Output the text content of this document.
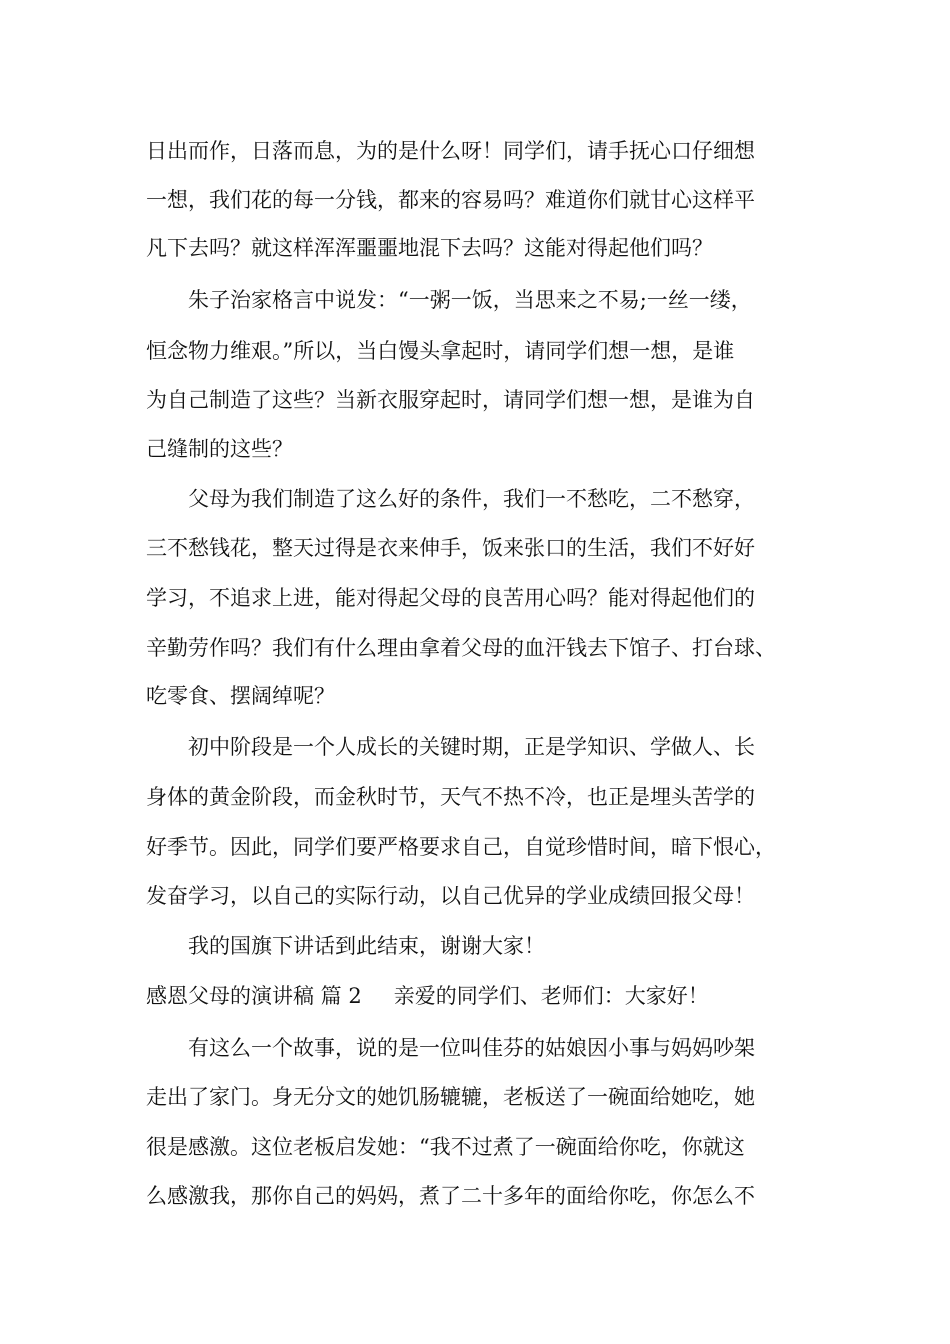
日出而作，日落而息，为的是什么呀！同学们，请手抚心口仔细想

一想，我们花的每一分钱，都来的容易吗？难道你们就甘心这样平

凡下去吗？就这样浑浑噩噩地混下去吗？这能对得起他们吗？

朱子治家格言中说发：“一粥一饭，当思来之不易;一丝一缕，

恒念物力维艰。”所以，当白馒头拿起时，请同学们想一想，是谁

为自己制造了这些？当新衣服穿起时，请同学们想一想，是谁为自

己缝制的这些？

父母为我们制造了这么好的条件，我们一不愁吃，二不愁穿，

三不愁钱花，整天过得是衣来伸手，饭来张口的生活，我们不好好

学习，不追求上进，能对得起父母的良苦用心吗？能对得起他们的

辛勤劳作吗？我们有什么理由拿着父母的血汗钱去下馆子、打台球、

吃零食、摆阔绰呢？

初中阶段是一个人成长的关键时期，正是学知识、学做人、长

身体的黄金阶段，而金秋时节，天气不热不冷，也正是埋头苦学的

好季节。因此，同学们要严格要求自己，自觉珍惜时间，暗下恨心，

发奋学习，以自己的实际行动，以自己优异的学业成绩回报父母！

我的国旗下讲话到此结束，谢谢大家！

感恩父母的演讲稿 篇 2 亲爱的同学们、老师们：大家好！

有这么一个故事，说的是一位叫佳芬的姑娘因小事与妈妈吵架

走出了家门。身无分文的她饥肠辘辘，老板送了一碗面给她吃，她

很是感激。这位老板启发她：“我不过煮了一碗面给你吃，你就这

么感激我，那你自己的妈妈，煮了二十多年的面给你吃，你怎么不
